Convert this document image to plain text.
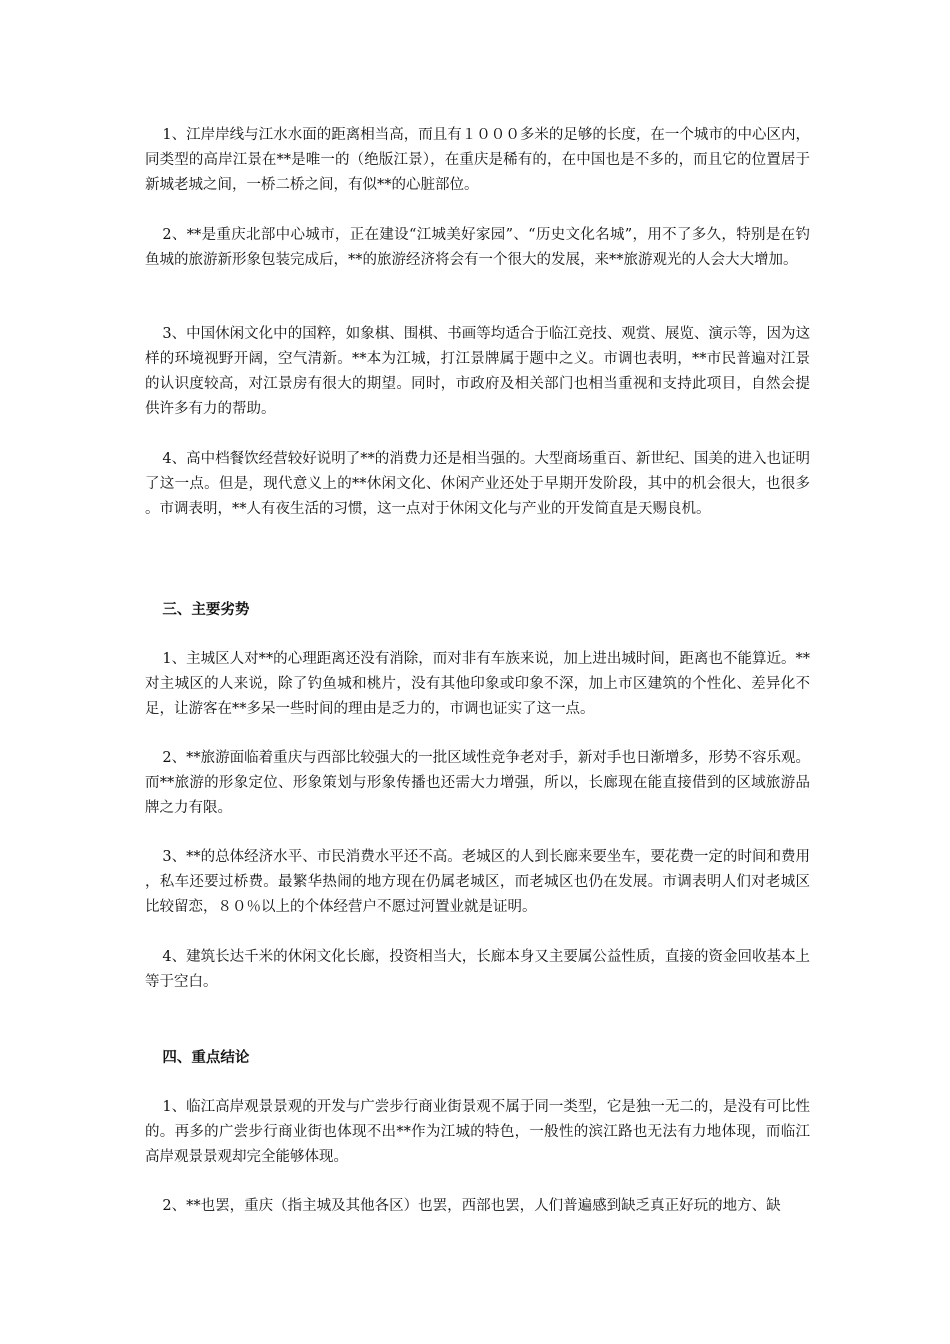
1、江岸岸线与江水水面的距离相当高，而且有１０００多米的足够的长度，在一个城市的中心区内，同类型的高岸江景在**是唯一的（绝版江景），在重庆是稀有的，在中国也是不多的，而且它的位置居于新城老城之间，一桥二桥之间，有似**的心脏部位。

2、**是重庆北部中心城市，正在建设“江城美好家园”、“历史文化名城”，用不了多久，特别是在钓鱼城的旅游新形象包装完成后，**的旅游经济将会有一个很大的发展，来**旅游观光的人会大大增加。

3、中国休闲文化中的国粹，如象棋、围棋、书画等均适合于临江竞技、观赏、展览、演示等，因为这样的环境视野开阔，空气清新。**本为江城，打江景牌属于题中之义。市调也表明，**市民普遍对江景的认识度较高，对江景房有很大的期望。同时，市政府及相关部门也相当重视和支持此项目，自然会提供许多有力的帮助。

4、高中档餐饮经营较好说明了**的消费力还是相当强的。大型商场重百、新世纪、国美的进入也证明了这一点。但是，现代意义上的**休闲文化、休闲产业还处于早期开发阶段，其中的机会很大，也很多。市调表明，**人有夜生活的习惯，这一点对于休闲文化与产业的开发简直是天赐良机。

三、主要劣势

1、主城区人对**的心理距离还没有消除，而对非有车族来说，加上进出城时间，距离也不能算近。**对主城区的人来说，除了钓鱼城和桃片，没有其他印象或印象不深，加上市区建筑的个性化、差异化不足，让游客在**多呆一些时间的理由是乏力的，市调也证实了这一点。

2、**旅游面临着重庆与西部比较强大的一批区域性竞争老对手，新对手也日渐增多，形势不容乐观。而**旅游的形象定位、形象策划与形象传播也还需大力增强，所以，长廊现在能直接借到的区域旅游品牌之力有限。

3、**的总体经济水平、市民消费水平还不高。老城区的人到长廊来要坐车，要花费一定的时间和费用，私车还要过桥费。最繁华热闹的地方现在仍属老城区，而老城区也仍在发展。市调表明人们对老城区比较留恋，８０％以上的个体经营户不愿过河置业就是证明。

4、建筑长达千米的休闲文化长廊，投资相当大，长廊本身又主要属公益性质，直接的资金回收基本上等于空白。

四、重点结论

1、临江高岸观景景观的开发与广尝步行商业街景观不属于同一类型，它是独一无二的，是没有可比性的。再多的广尝步行商业街也体现不出**作为江城的特色，一般性的滨江路也无法有力地体现，而临江高岸观景景观却完全能够体现。

2、**也罢，重庆（指主城及其他各区）也罢，西部也罢，人们普遍感到缺乏真正好玩的地方、缺
